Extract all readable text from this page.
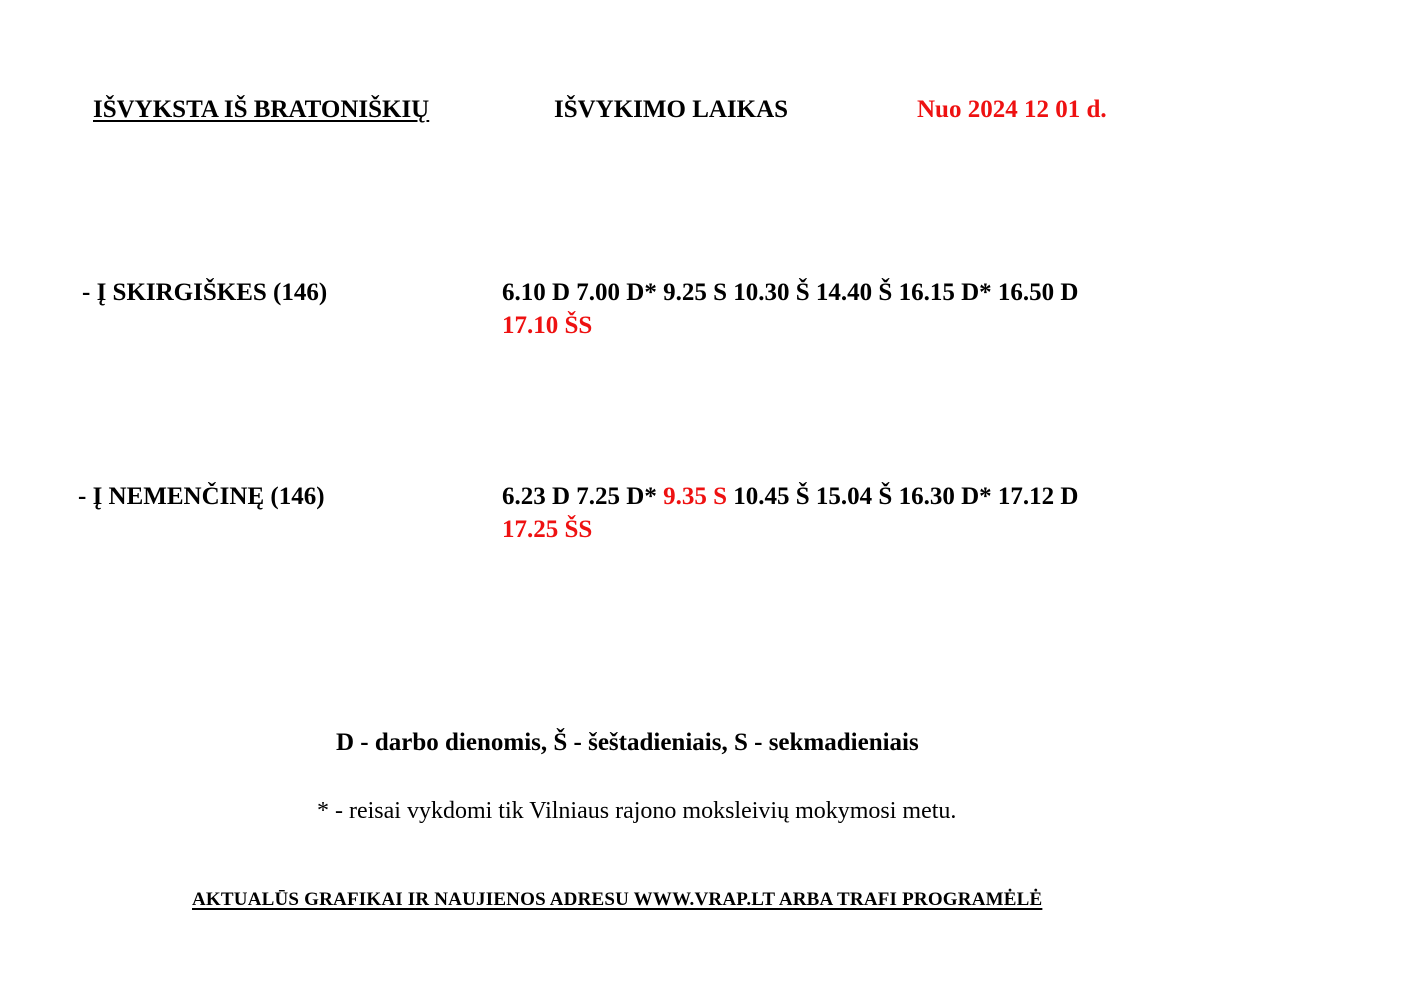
IŠVYKSTA IŠ BRATONIŠKIŲ	IŠVYKIMO LAIKAS	Nuo 2024 12 01 d.
- Į SKIRGIŠKES (146)	6.10 D 7.00 D* 9.25 S 10.30 Š 14.40 Š 16.15 D* 16.50 D
17.10 ŠS
- Į NEMENČINĘ (146)	6.23 D 7.25 D* 9.35 S 10.45 Š 15.04 Š 16.30 D* 17.12 D
17.25 ŠS
D - darbo dienomis, Š - šeštadieniais, S - sekmadieniais
* - reisai vykdomi tik Vilniaus rajono moksleivių mokymosi metu.
AKTUALŪS GRAFIKAI IR NAUJIENOS ADRESU WWW.VRAP.LT ARBA TRAFI PROGRAMĖLĖ
